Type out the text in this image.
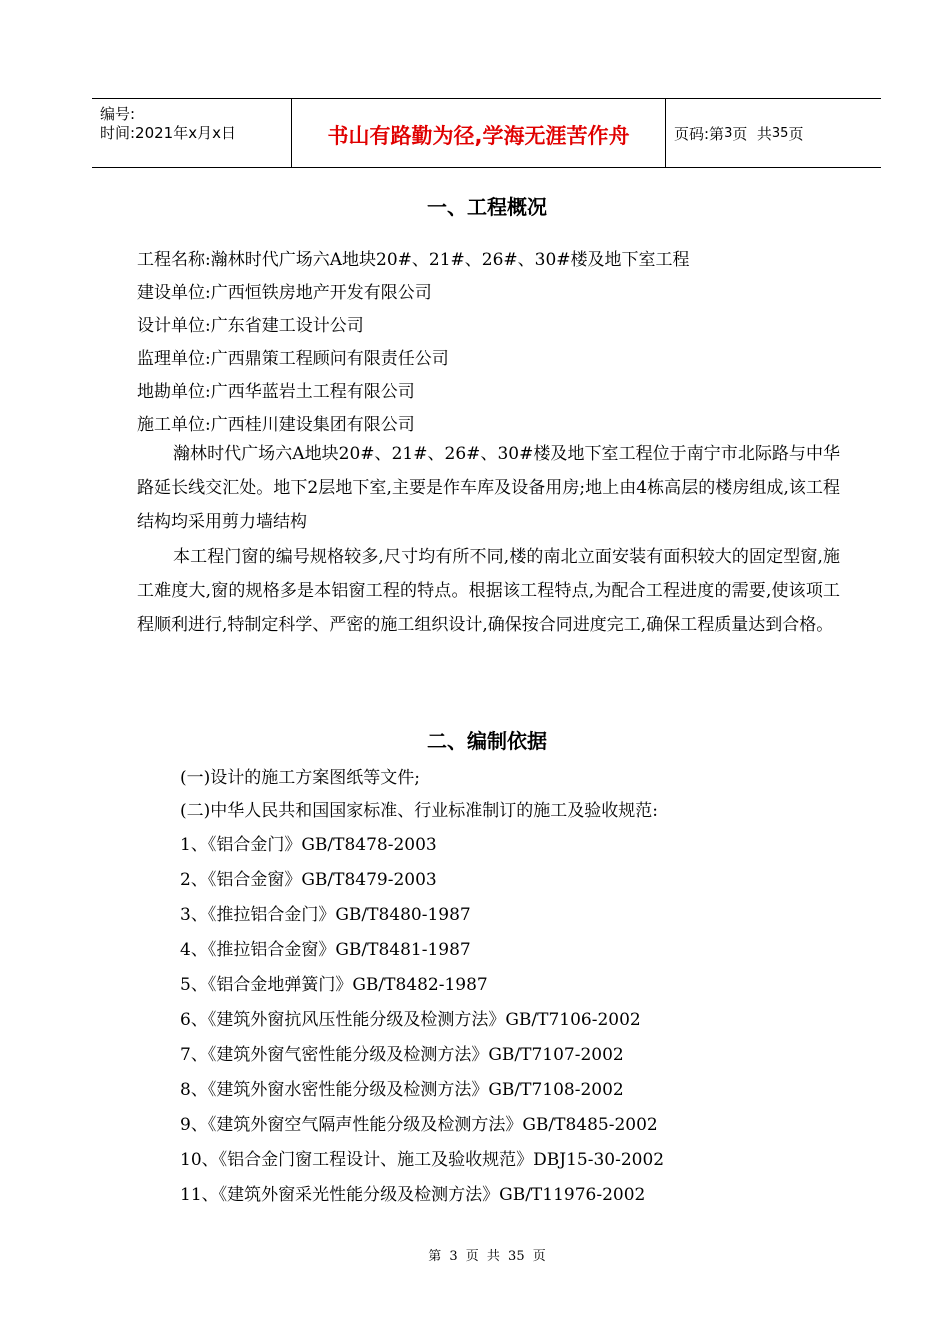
编号:
时间:2021年x月x日	书山有路勤为径,学海无涯苦作舟	页码:第 3 页  共 35 页
一、工程概况
工程名称:瀚林时代广场六A地块20#、21#、26#、30#楼及地下室工程
建设单位:广西恒铁房地产开发有限公司
设计单位:广东省建工设计公司
监理单位:广西鼎策工程顾问有限责任公司
地勘单位:广西华蓝岩土工程有限公司
施工单位:广西桂川建设集团有限公司
瀚林时代广场六A地块20#、21#、26#、30#楼及地下室工程位于南宁市北际路与中华路延长线交汇处。地下2层地下室,主要是作车库及设备用房;地上由4栋高层的楼房组成,该工程结构均采用剪力墙结构
本工程门窗的编号规格较多,尺寸均有所不同,楼的南北立面安装有面积较大的固定型窗,施工难度大,窗的规格多是本铝窗工程的特点。根据该工程特点,为配合工程进度的需要,使该项工程顺利进行,特制定科学、严密的施工组织设计,确保按合同进度完工,确保工程质量达到合格。
二、编制依据
(一)设计的施工方案图纸等文件;
(二)中华人民共和国国家标准、行业标准制订的施工及验收规范:
1、《铝合金门》GB/T8478-2003
2、《铝合金窗》GB/T8479-2003
3、《推拉铝合金门》GB/T8480-1987
4、《推拉铝合金窗》GB/T8481-1987
5、《铝合金地弹簧门》GB/T8482-1987
6、《建筑外窗抗风压性能分级及检测方法》GB/T7106-2002
7、《建筑外窗气密性能分级及检测方法》GB/T7107-2002
8、《建筑外窗水密性能分级及检测方法》GB/T7108-2002
9、《建筑外窗空气隔声性能分级及检测方法》GB/T8485-2002
10、《铝合金门窗工程设计、施工及验收规范》DBJ15-30-2002
11、《建筑外窗采光性能分级及检测方法》GB/T11976-2002
第 3 页 共 35 页
